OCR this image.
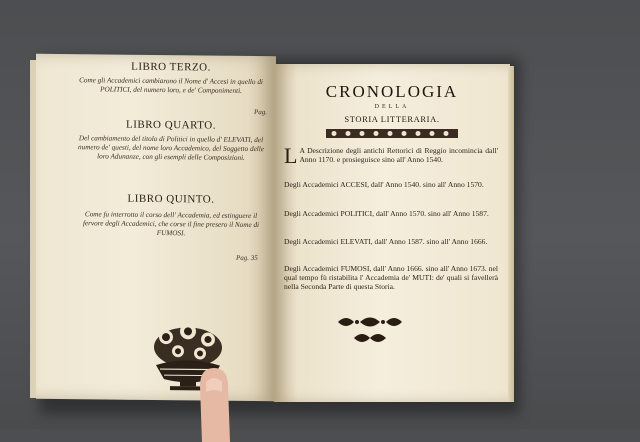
LIBRO TERZO.
Come gli Accademici cambiarono il Nome d' Accesi in quello di POLITICI, del numero loro, e de' Componimenti.
Pag.
LIBRO QUARTO.
Del cambiamento del titolo di Politici in quello d' ELEVATI, del numero de' questi, del nome loro Accademico, del Soggetto delle loro Adunanze, con gli esempli delle Composizioni.
LIBRO QUINTO.
Come fu interrotto il corso dell' Accademia, ed estinguere il fervore degli Accademici, che corse il fine presero il Nome di FUMOSI.
Pag. 35
CRONOLOGIA
DELLA
STORIA LITTERARIA.
L A Descrizione degli antichi Rettorici di Reggio incomincia dall' Anno 1170. e prosieguisce sino all' Anno 1540.
Degli Accademici ACCESI, dall' Anno 1540. sino all' Anno 1570.
Degli Accademici POLITICI, dall' Anno 1570. sino all' Anno 1587.
Degli Accademici ELEVATI, dall' Anno 1587. sino all' Anno 1666.
Degli Accademici FUMOSI, dall' Anno 1666. sino all' Anno 1673. nel qual tempo fù ristabilita l' Accademia de' MUTI: de' quali si favellerà nella Seconda Parte di questa Storia.
